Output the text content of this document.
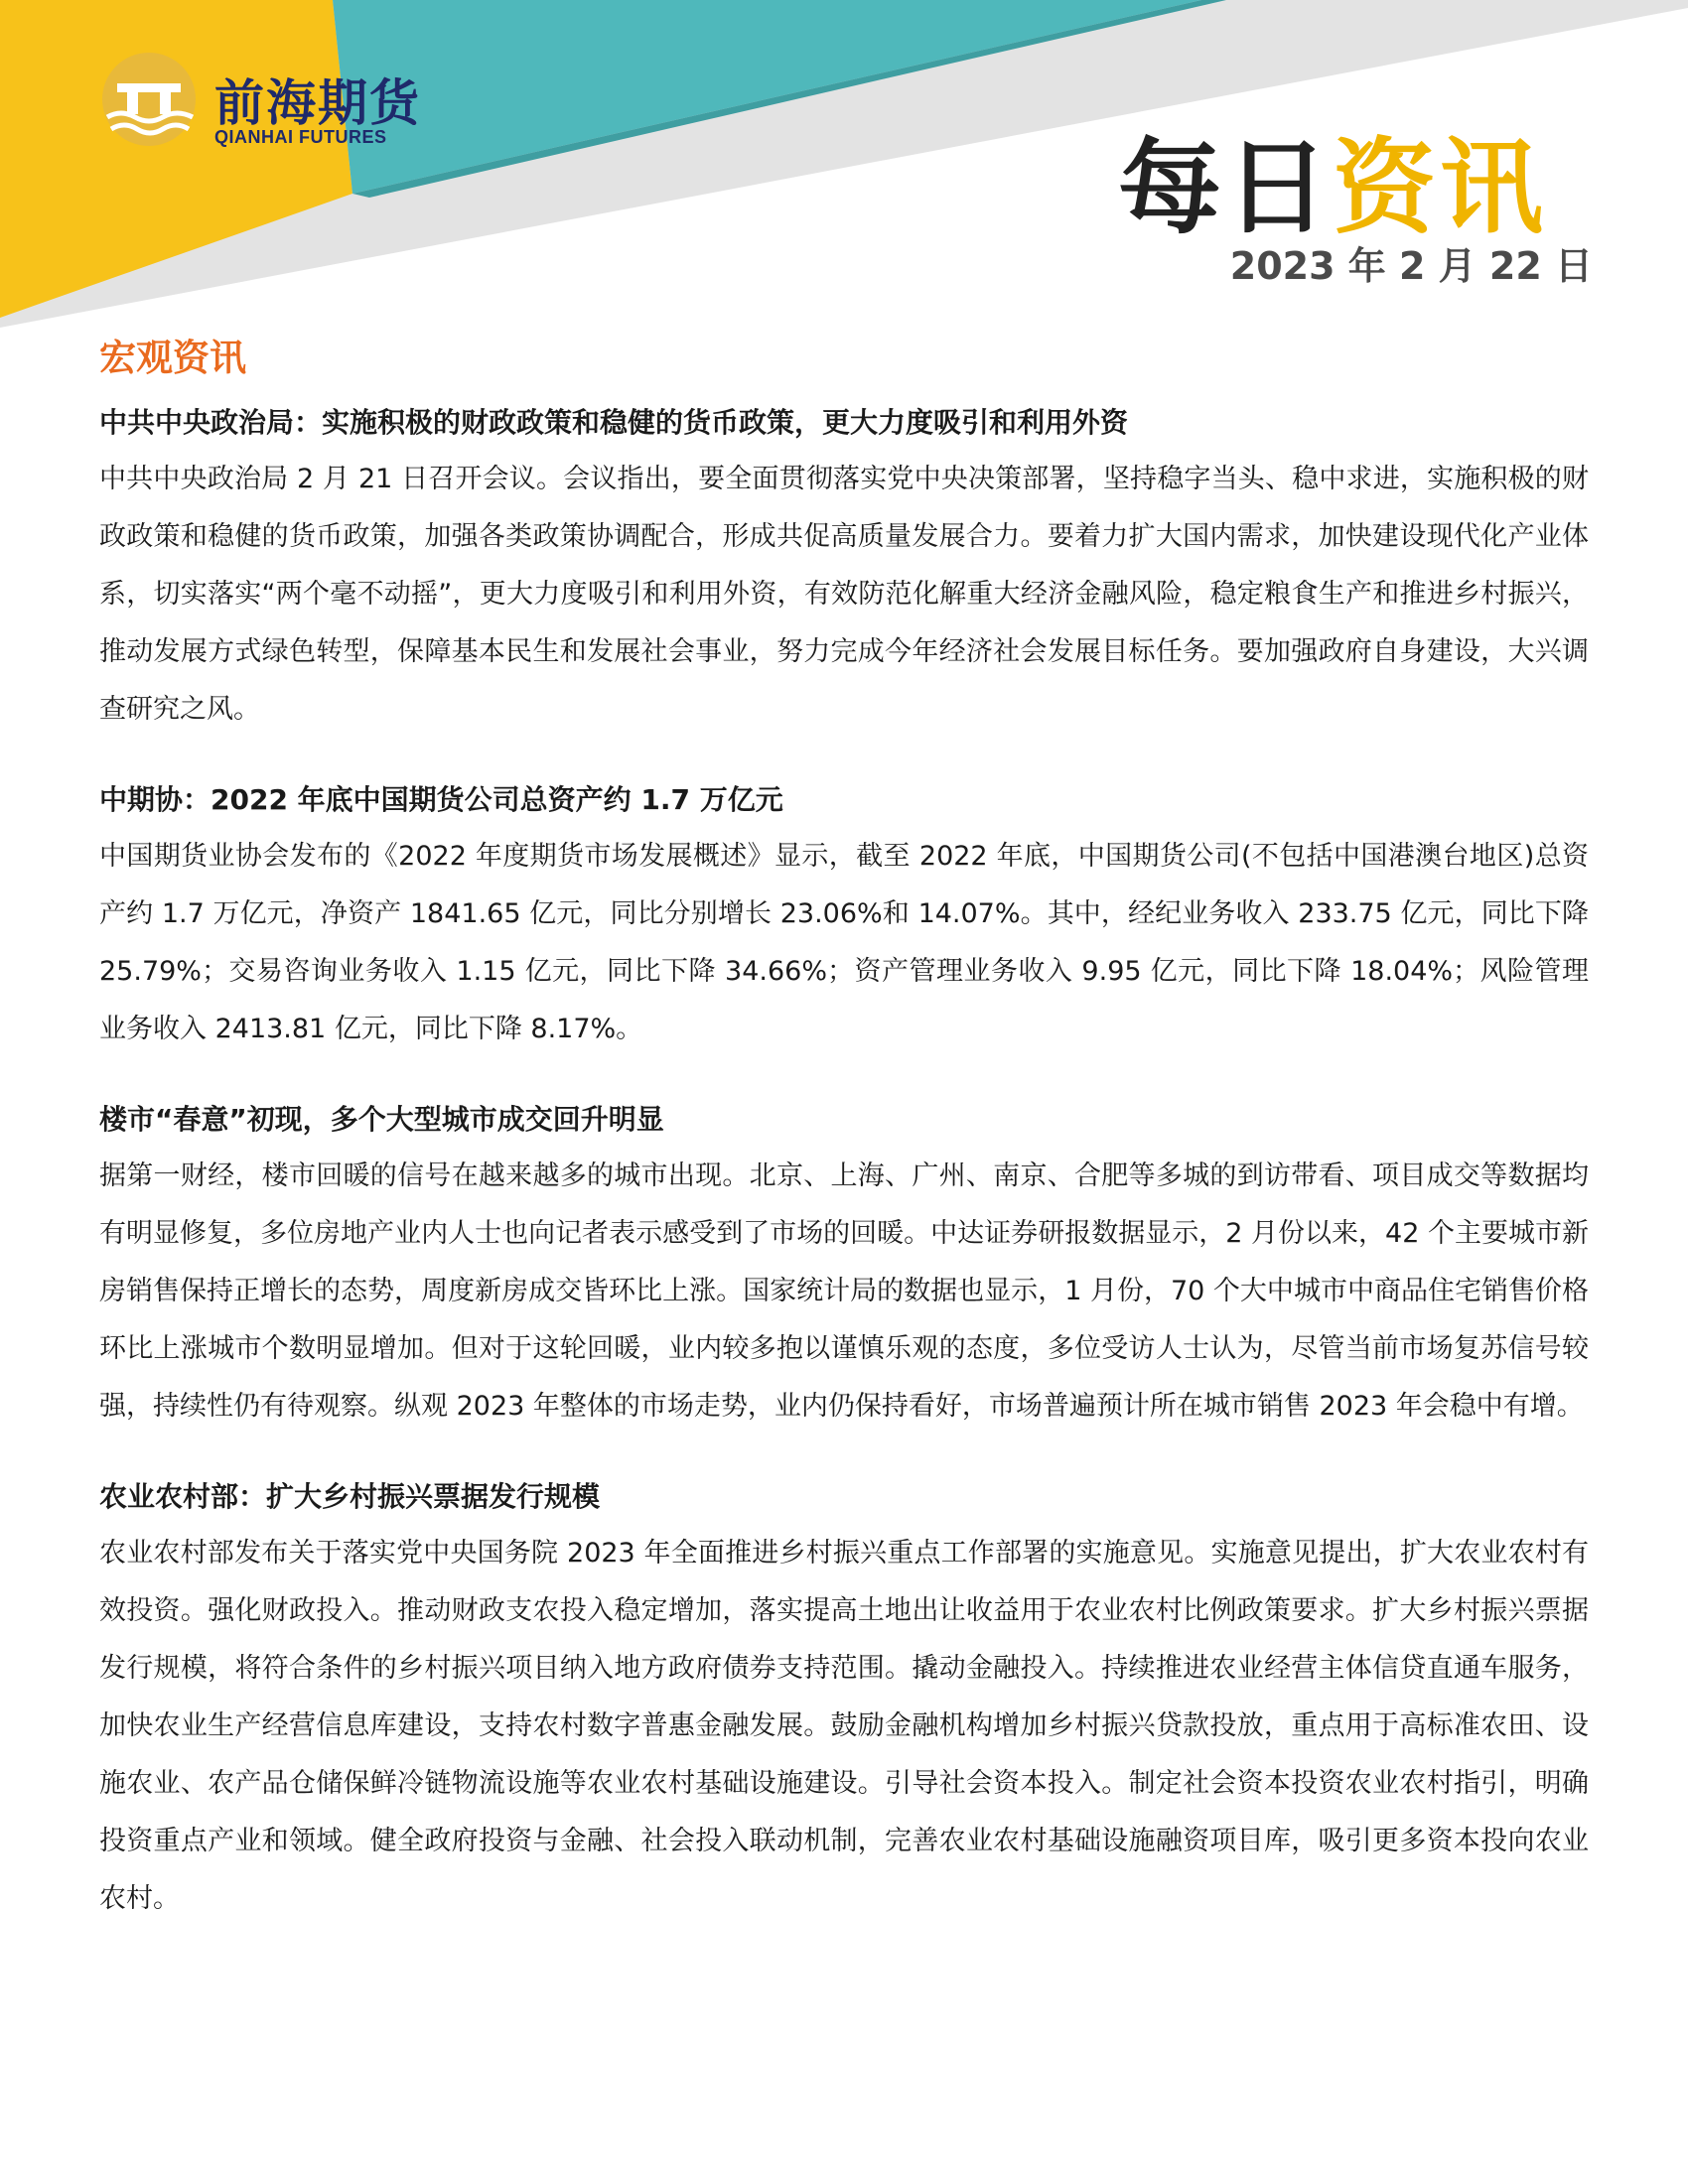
前海期货
QIANHAI FUTURES	每日资讯
2023 年 2 月 22 日
宏观资讯
中共中央政治局：实施积极的财政政策和稳健的货币政策，更大力度吸引和利用外资

中共中央政治局 2 月 21 日召开会议。会议指出，要全面贯彻落实党中央决策部署，坚持稳字当头、稳中求进，实施积极的财政政策和稳健的货币政策，加强各类政策协调配合，形成共促高质量发展合力。要着力扩大国内需求，加快建设现代化产业体系，切实落实“两个毫不动摇”，更大力度吸引和利用外资，有效防范化解重大经济金融风险，稳定粮食生产和推进乡村振兴，推动发展方式绿色转型，保障基本民生和发展社会事业，努力完成今年经济社会发展目标任务。要加强政府自身建设，大兴调查研究之风。

中期协：2022 年底中国期货公司总资产约 1.7 万亿元

中国期货业协会发布的《2022 年度期货市场发展概述》显示，截至 2022 年底，中国期货公司(不包括中国港澳台地区)总资产约 1.7 万亿元，净资产 1841.65 亿元，同比分别增长 23.06%和 14.07%。其中，经纪业务收入 233.75 亿元，同比下降 25.79%；交易咨询业务收入 1.15 亿元，同比下降 34.66%；资产管理业务收入 9.95 亿元，同比下降 18.04%；风险管理业务收入 2413.81 亿元，同比下降 8.17%。

楼市“春意”初现，多个大型城市成交回升明显

据第一财经，楼市回暖的信号在越来越多的城市出现。北京、上海、广州、南京、合肥等多城的到访带看、项目成交等数据均有明显修复，多位房地产业内人士也向记者表示感受到了市场的回暖。中达证券研报数据显示，2 月份以来，42 个主要城市新房销售保持正增长的态势，周度新房成交皆环比上涨。国家统计局的数据也显示，1 月份，70 个大中城市中商品住宅销售价格环比上涨城市个数明显增加。但对于这轮回暖，业内较多抱以谨慎乐观的态度，多位受访人士认为，尽管当前市场复苏信号较强，持续性仍有待观察。纵观 2023 年整体的市场走势，业内仍保持看好，市场普遍预计所在城市销售 2023 年会稳中有增。

农业农村部：扩大乡村振兴票据发行规模

农业农村部发布关于落实党中央国务院 2023 年全面推进乡村振兴重点工作部署的实施意见。实施意见提出，扩大农业农村有效投资。强化财政投入。推动财政支农投入稳定增加，落实提高土地出让收益用于农业农村比例政策要求。扩大乡村振兴票据发行规模，将符合条件的乡村振兴项目纳入地方政府债券支持范围。撬动金融投入。持续推进农业经营主体信贷直通车服务，加快农业生产经营信息库建设，支持农村数字普惠金融发展。鼓励金融机构增加乡村振兴贷款投放，重点用于高标准农田、设施农业、农产品仓储保鲜冷链物流设施等农业农村基础设施建设。引导社会资本投入。制定社会资本投资农业农村指引，明确投资重点产业和领域。健全政府投资与金融、社会投入联动机制，完善农业农村基础设施融资项目库，吸引更多资本投向农业农村。
